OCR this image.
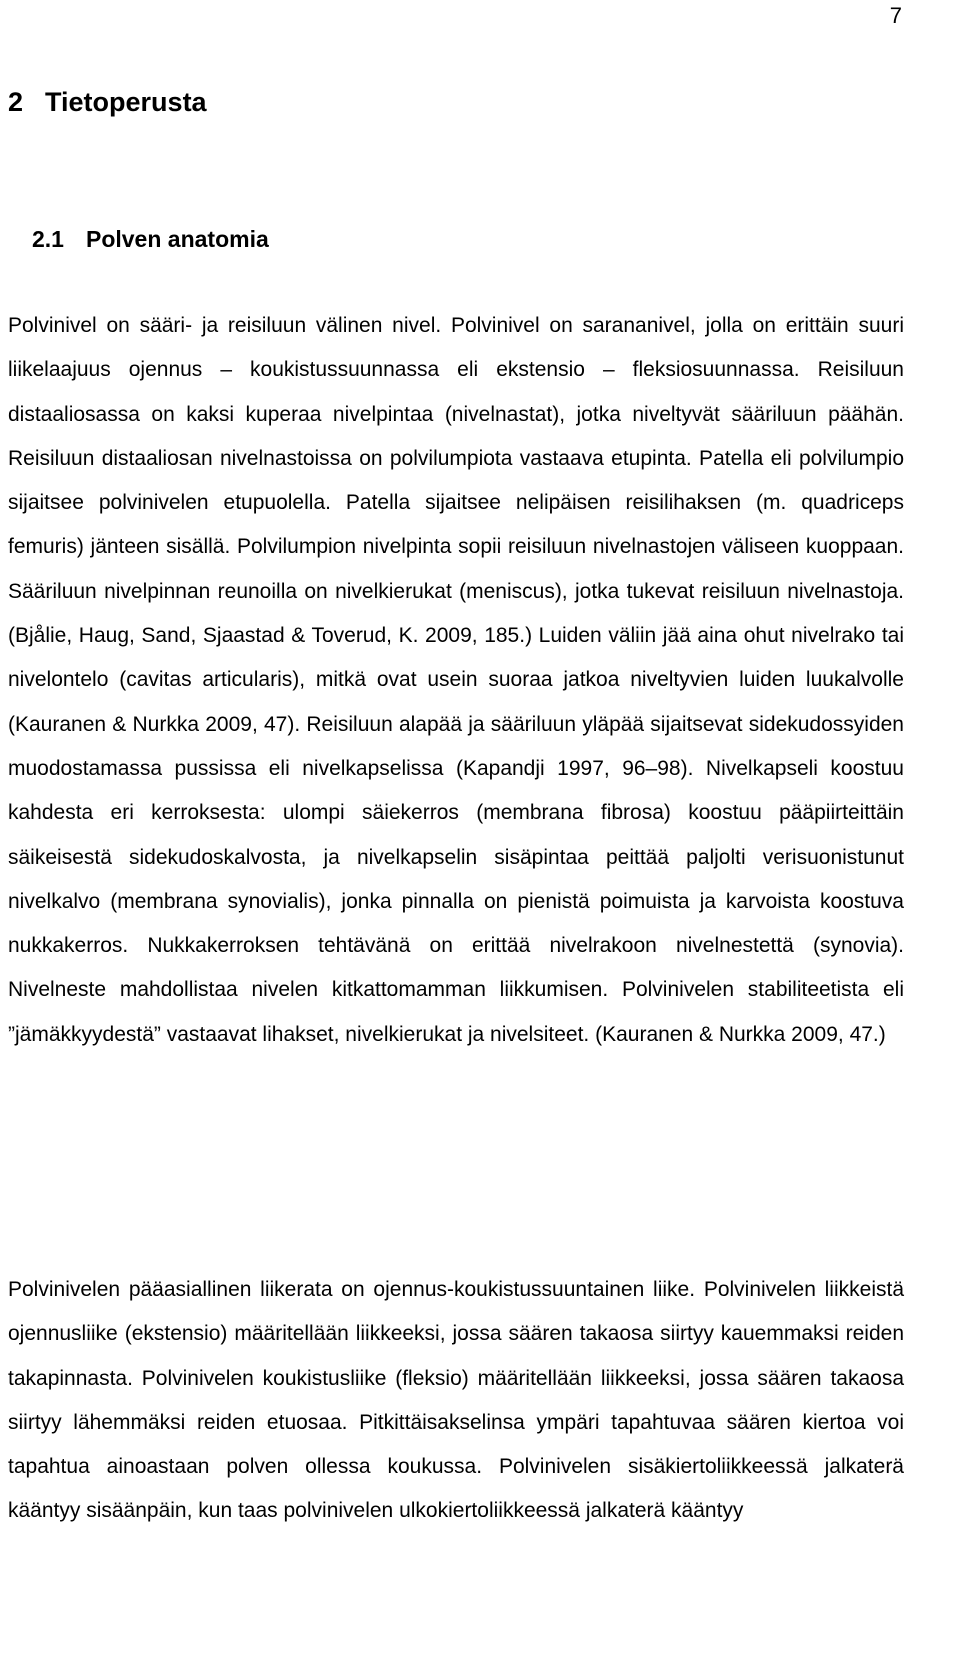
7
2 Tietoperusta
2.1 Polven anatomia

Polvinivel on sääri- ja reisiluun välinen nivel. Polvinivel on sarananivel, jolla on erittäin suuri liikelaajuus ojennus – koukistussuunnassa eli ekstensio – fleksiosuunnassa. Reisiluun distaaliosassa on kaksi kuperaa nivelpintaa (nivelnastat), jotka niveltyvät sääriluun päähän. Reisiluun distaaliosan nivelnastoissa on polvilumpiota vastaava etupinta. Patella eli polvilumpio sijaitsee polvinivelen etupuolella. Patella sijaitsee nelipäisen reisilihaksen (m. quadriceps femuris) jänteen sisällä. Polvilumpion nivelpinta sopii reisiluun nivelnastojen väliseen kuoppaan. Sääriluun nivelpinnan reunoilla on nivelkierukat (meniscus), jotka tukevat reisiluun nivelnastoja. (Bjålie, Haug, Sand, Sjaastad & Toverud, K. 2009, 185.) Luiden väliin jää aina ohut nivelrako tai nivelontelo (cavitas articularis), mitkä ovat usein suoraa jatkoa niveltyvien luiden luukalvolle (Kauranen & Nurkka 2009, 47). Reisiluun alapää ja sääriluun yläpää sijaitsevat sidekudossyiden muodostamassa pussissa eli nivelkapselissa (Kapandji 1997, 96–98). Nivelkapseli koostuu kahdesta eri kerroksesta: ulompi säiekerros (membrana fibrosa) koostuu pääpiirteittäin säikeisestä sidekudoskalvosta, ja nivelkapselin sisäpintaa peittää paljolti verisuonistunut nivelkalvo (membrana synovialis), jonka pinnalla on pienistä poimuista ja karvoista koostuva nukkakerros. Nukkakerroksen tehtävänä on erittää nivelrakoon nivelnestettä (synovia). Nivelneste mahdollistaa nivelen kitkattomamman liikkumisen. Polvinivelen stabiliteetista eli ”jämäkkyydestä” vastaavat lihakset, nivelkierukat ja nivelsiteet. (Kauranen & Nurkka 2009, 47.)

Polvinivelen pääasiallinen liikerata on ojennus-koukistussuuntainen liike. Polvinivelen liikkeistä ojennusliike (ekstensio) määritellään liikkeeksi, jossa säären takaosa siirtyy kauemmaksi reiden takapinnasta. Polvinivelen koukistusliike (fleksio) määritellään liikkeeksi, jossa säären takaosa siirtyy lähemmäksi reiden etuosaa. Pitkittäisakselinsa ympäri tapahtuvaa säären kiertoa voi tapahtua ainoastaan polven ollessa koukussa. Polvinivelen sisäkiertoliikkeessä jalkaterä kääntyy sisäänpäin, kun taas polvinivelen ulkokiertoliikkeessä jalkaterä kääntyy
